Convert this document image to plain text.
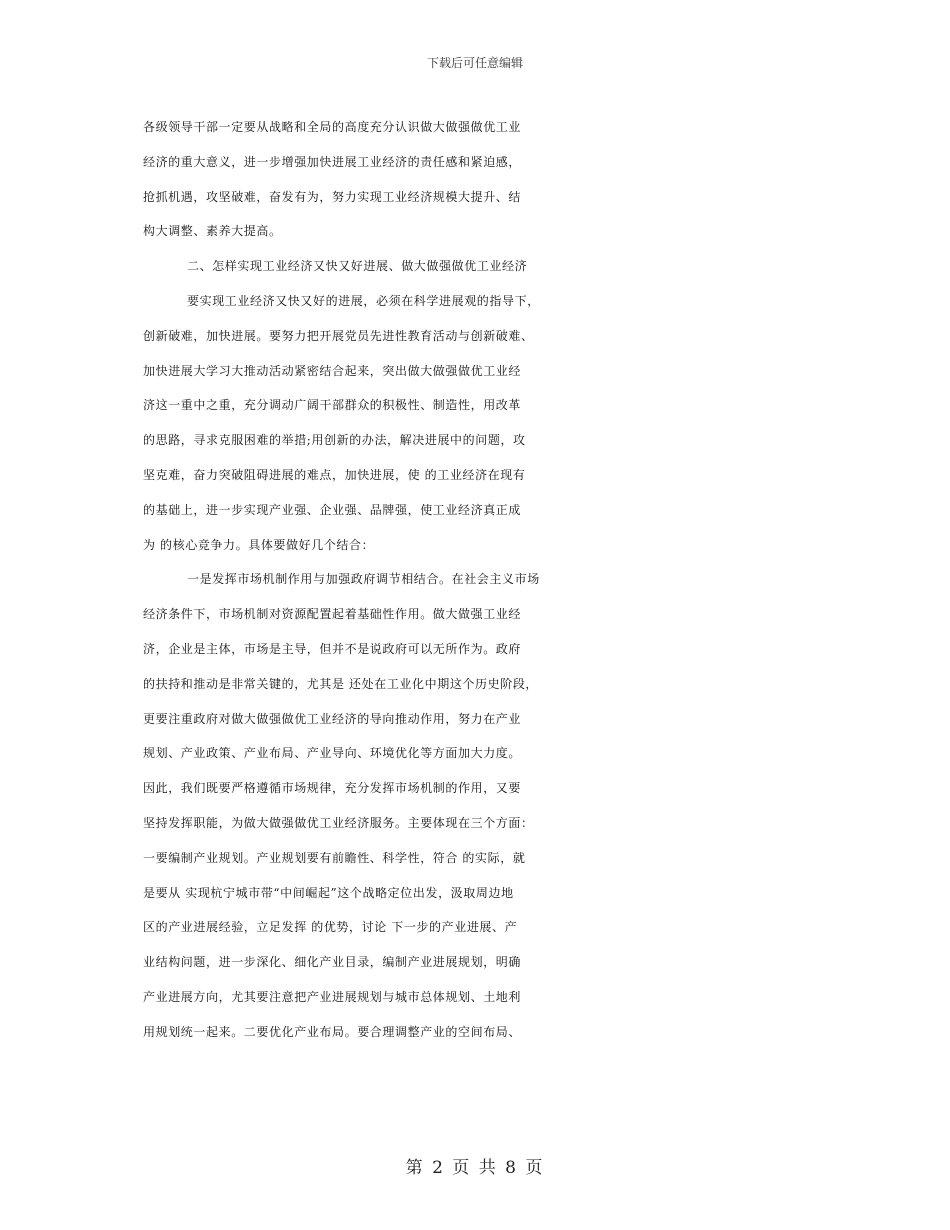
下载后可任意编辑
各级领导干部一定要从战略和全局的高度充分认识做大做强做优工业
经济的重大意义，进一步增强加快进展工业经济的责任感和紧迫感，
抢抓机遇，攻坚破难，奋发有为，努力实现工业经济规模大提升、结
构大调整、素养大提高。
二、怎样实现工业经济又快又好进展、做大做强做优工业经济
要实现工业经济又快又好的进展，必须在科学进展观的指导下，
创新破难，加快进展。要努力把开展党员先进性教育活动与创新破难、
加快进展大学习大推动活动紧密结合起来，突出做大做强做优工业经
济这一重中之重，充分调动广阔干部群众的积极性、制造性，用改革
的思路，寻求克服困难的举措;用创新的办法，解决进展中的问题，攻
坚克难，奋力突破阻碍进展的难点，加快进展，使 的工业经济在现有
的基础上，进一步实现产业强、企业强、品牌强，使工业经济真正成
为 的核心竞争力。具体要做好几个结合：
一是发挥市场机制作用与加强政府调节相结合。在社会主义市场
经济条件下，市场机制对资源配置起着基础性作用。做大做强工业经
济，企业是主体，市场是主导，但并不是说政府可以无所作为。政府
的扶持和推动是非常关键的，尤其是 还处在工业化中期这个历史阶段，
更要注重政府对做大做强做优工业经济的导向推动作用，努力在产业
规划、产业政策、产业布局、产业导向、环境优化等方面加大力度。
因此，我们既要严格遵循市场规律，充分发挥市场机制的作用，又要
坚持发挥职能，为做大做强做优工业经济服务。主要体现在三个方面：
一要编制产业规划。产业规划要有前瞻性、科学性，符合 的实际，就
是要从 实现杭宁城市带“中间崛起”这个战略定位出发，汲取周边地
区的产业进展经验，立足发挥 的优势，讨论 下一步的产业进展、产
业结构问题，进一步深化、细化产业目录，编制产业进展规划，明确
产业进展方向，尤其要注意把产业进展规划与城市总体规划、土地利
用规划统一起来。二要优化产业布局。要合理调整产业的空间布局、
第 2 页 共 8 页
